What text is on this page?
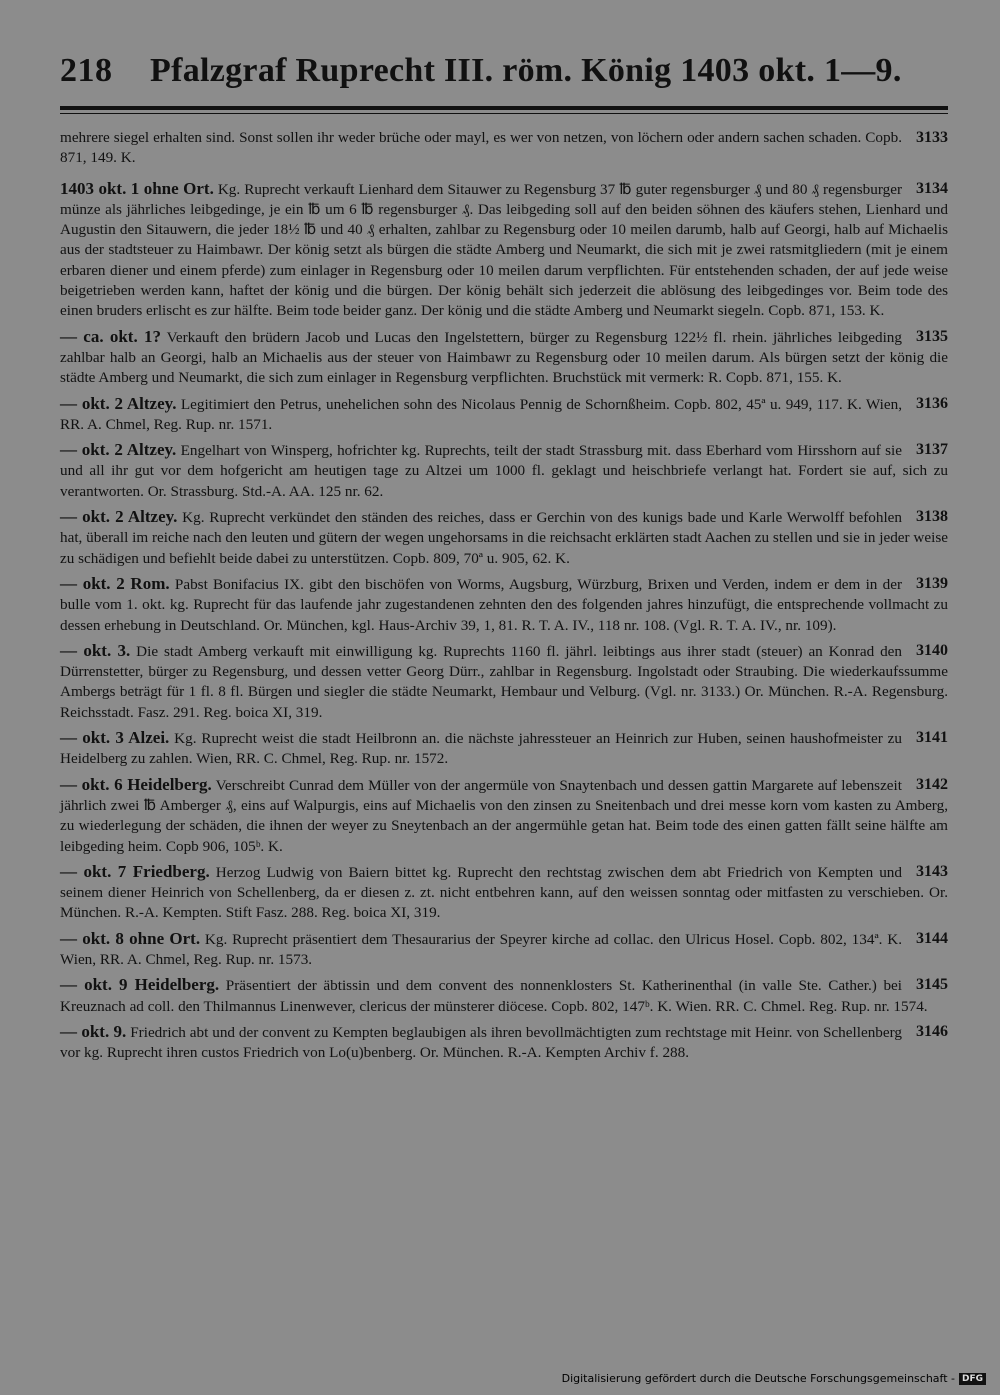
218	Pfalzgraf Ruprecht III. röm. König 1403 okt. 1—9.
3133
mehrere siegel erhalten sind. Sonst sollen ihr weder brüche oder mayl, es wer von netzen, von löchern oder andern sachen schaden. Copb. 871, 149. K.
3134
1403 okt. 1 ohne Ort. Kg. Ruprecht verkauft Lienhard dem Sitauwer zu Regensburg 37 ℔ guter regensburger ₰ und 80 ₰ regensburger münze als jährliches leibgedinge, je ein ℔ um 6 ℔ regensburger ₰. Das leibgeding soll auf den beiden söhnen des käufers stehen, Lienhard und Augustin den Sitauwern, die jeder 18½ ℔ und 40 ₰ erhalten, zahlbar zu Regensburg oder 10 meilen darumb, halb auf Georgi, halb auf Michaelis aus der stadtsteuer zu Haimbawr. Der könig setzt als bürgen die städte Amberg und Neumarkt, die sich mit je zwei ratsmitgliedern (mit je einem erbaren diener und einem pferde) zum einlager in Regensburg oder 10 meilen darum verpflichten. Für entstehenden schaden, der auf jede weise beigetrieben werden kann, haftet der könig und die bürgen. Der könig behält sich jederzeit die ablösung des leibgedinges vor. Beim tode des einen bruders erlischt es zur hälfte. Beim tode beider ganz. Der könig und die städte Amberg und Neumarkt siegeln. Copb. 871, 153. K.
3135
— ca. okt. 1? Verkauft den brüdern Jacob und Lucas den Ingelstettern, bürger zu Regensburg 122½ fl. rhein. jährliches leibgeding zahlbar halb an Georgi, halb an Michaelis aus der steuer von Haimbawr zu Regensburg oder 10 meilen darum. Als bürgen setzt der könig die städte Amberg und Neumarkt, die sich zum einlager in Regensburg verpflichten. Bruchstück mit vermerk: R. Copb. 871, 155. K.
3136
— okt. 2 Altzey. Legitimiert den Petrus, unehelichen sohn des Nicolaus Pennig de Schornßheim. Copb. 802, 45ª u. 949, 117. K. Wien, RR. A. Chmel, Reg. Rup. nr. 1571.
3137
— okt. 2 Altzey. Engelhart von Winsperg, hofrichter kg. Ruprechts, teilt der stadt Strassburg mit. dass Eberhard vom Hirsshorn auf sie und all ihr gut vor dem hofgericht am heutigen tage zu Altzei um 1000 fl. geklagt und heischbriefe verlangt hat. Fordert sie auf, sich zu verantworten. Or. Strassburg. Std.-A. AA. 125 nr. 62.
3138
— okt. 2 Altzey. Kg. Ruprecht verkündet den ständen des reiches, dass er Gerchin von des kunigs bade und Karle Werwolff befohlen hat, überall im reiche nach den leuten und gütern der wegen ungehorsams in die reichsacht erklärten stadt Aachen zu stellen und sie in jeder weise zu schädigen und befiehlt beide dabei zu unterstützen. Copb. 809, 70ª u. 905, 62. K.
3139
— okt. 2 Rom. Pabst Bonifacius IX. gibt den bischöfen von Worms, Augsburg, Würzburg, Brixen und Verden, indem er dem in der bulle vom 1. okt. kg. Ruprecht für das laufende jahr zugestandenen zehnten den des folgenden jahres hinzufügt, die entsprechende vollmacht zu dessen erhebung in Deutschland. Or. München, kgl. Haus-Archiv 39, 1, 81. R. T. A. IV., 118 nr. 108. (Vgl. R. T. A. IV., nr. 109).
3140
— okt. 3. Die stadt Amberg verkauft mit einwilligung kg. Ruprechts 1160 fl. jährl. leibtings aus ihrer stadt (steuer) an Konrad den Dürrenstetter, bürger zu Regensburg, und dessen vetter Georg Dürr., zahlbar in Regensburg. Ingolstadt oder Straubing. Die wiederkaufssumme Ambergs beträgt für 1 fl. 8 fl. Bürgen und siegler die städte Neumarkt, Hembaur und Velburg. (Vgl. nr. 3133.) Or. München. R.-A. Regensburg. Reichsstadt. Fasz. 291. Reg. boica XI, 319.
3141
— okt. 3 Alzei. Kg. Ruprecht weist die stadt Heilbronn an. die nächste jahressteuer an Heinrich zur Huben, seinen haushofmeister zu Heidelberg zu zahlen. Wien, RR. C. Chmel, Reg. Rup. nr. 1572.
3142
— okt. 6 Heidelberg. Verschreibt Cunrad dem Müller von der angermüle von Snaytenbach und dessen gattin Margarete auf lebenszeit jährlich zwei ℔ Amberger ₰, eins auf Walpurgis, eins auf Michaelis von den zinsen zu Sneitenbach und drei messe korn vom kasten zu Amberg, zu wiederlegung der schäden, die ihnen der weyer zu Sneytenbach an der angermühle getan hat. Beim tode des einen gatten fällt seine hälfte am leibgeding heim. Copb 906, 105ᵇ. K.
3143
— okt. 7 Friedberg. Herzog Ludwig von Baiern bittet kg. Ruprecht den rechtstag zwischen dem abt Friedrich von Kempten und seinem diener Heinrich von Schellenberg, da er diesen z. zt. nicht entbehren kann, auf den weissen sonntag oder mitfasten zu verschieben. Or. München. R.-A. Kempten. Stift Fasz. 288. Reg. boica XI, 319.
3144
— okt. 8 ohne Ort. Kg. Ruprecht präsentiert dem Thesaurarius der Speyrer kirche ad collac. den Ulricus Hosel. Copb. 802, 134ª. K. Wien, RR. A. Chmel, Reg. Rup. nr. 1573.
3145
— okt. 9 Heidelberg. Präsentiert der äbtissin und dem convent des nonnenklosters St. Katherinenthal (in valle Ste. Cather.) bei Kreuznach ad coll. den Thilmannus Linenwever, clericus der münsterer diöcese. Copb. 802, 147ᵇ. K. Wien. RR. C. Chmel. Reg. Rup. nr. 1574.
3146
— okt. 9. Friedrich abt und der convent zu Kempten beglaubigen als ihren bevollmächtigten zum rechtstage mit Heinr. von Schellenberg vor kg. Ruprecht ihren custos Friedrich von Lo(u)benberg. Or. München. R.-A. Kempten Archiv f. 288.
Digitalisierung gefördert durch die Deutsche Forschungsgemeinschaft - DFG
